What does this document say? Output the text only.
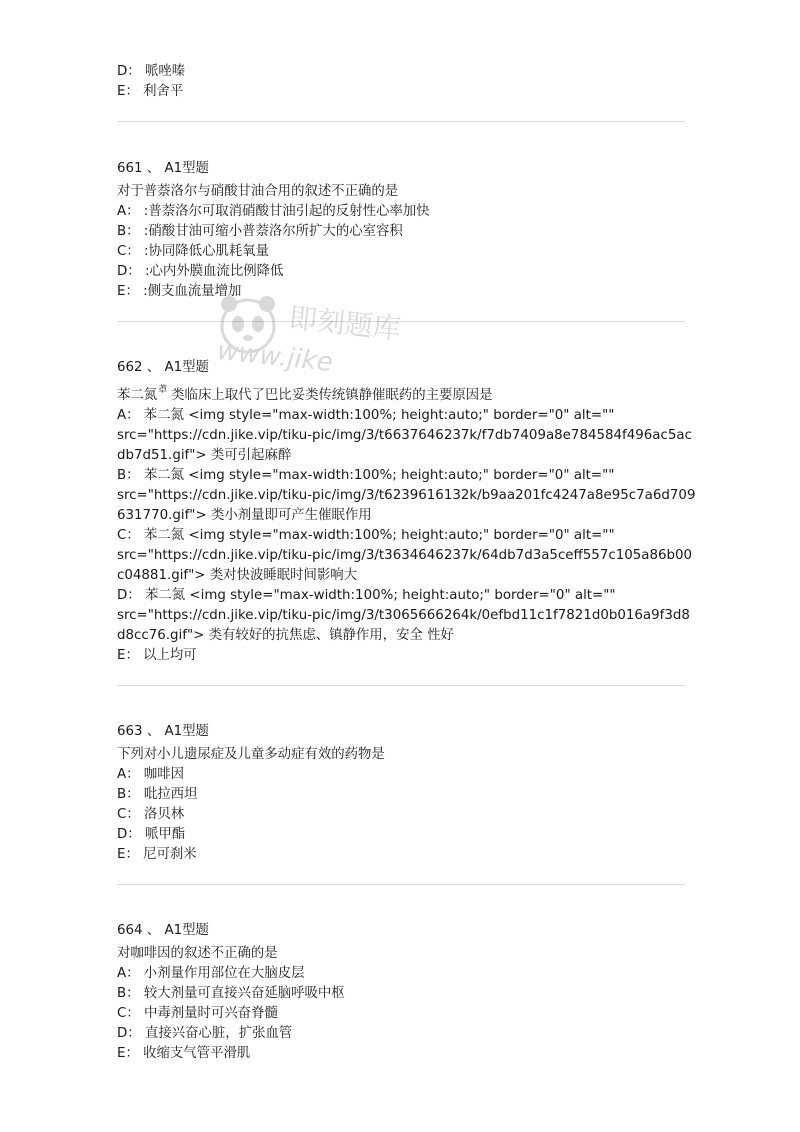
D： 哌唑嗪
E： 利舍平
661 、 A1型题
对于普萘洛尔与硝酸甘油合用的叙述不正确的是
A： :普萘洛尔可取消硝酸甘油引起的反射性心率加快
B： :硝酸甘油可缩小普萘洛尔所扩大的心室容积
C： :协同降低心肌耗氧量
D： :心内外膜血流比例降低
E： :侧支血流量增加
662 、 A1型题
苯二氮 䓬 类临床上取代了巴比妥类传统镇静催眠药的主要原因是
A： 苯二氮 <img style="max-width:100%; height:auto;" border="0" alt=""
src="https://cdn.jike.vip/tiku-pic/img/3/t6637646237k/f7db7409a8e784584f496ac5ac
db7d51.gif"> 类可引起麻醉
B： 苯二氮 <img style="max-width:100%; height:auto;" border="0" alt=""
src="https://cdn.jike.vip/tiku-pic/img/3/t6239616132k/b9aa201fc4247a8e95c7a6d709
631770.gif"> 类小剂量即可产生催眠作用
C： 苯二氮 <img style="max-width:100%; height:auto;" border="0" alt=""
src="https://cdn.jike.vip/tiku-pic/img/3/t3634646237k/64db7d3a5ceff557c105a86b00
c04881.gif"> 类对快波睡眠时间影响大
D： 苯二氮 <img style="max-width:100%; height:auto;" border="0" alt=""
src="https://cdn.jike.vip/tiku-pic/img/3/t3065666264k/0efbd11c1f7821d0b016a9f3d8
d8cc76.gif"> 类有较好的抗焦虑、镇静作用，安全 性好
E： 以上均可
663 、 A1型题
下列对小儿遗尿症及儿童多动症有效的药物是
A： 咖啡因
B： 吡拉西坦
C： 洛贝林
D： 哌甲酯
E： 尼可刹米
664 、 A1型题
对咖啡因的叙述不正确的是
A： 小剂量作用部位在大脑皮层
B： 较大剂量可直接兴奋延脑呼吸中枢
C： 中毒剂量时可兴奋脊髓
D： 直接兴奋心脏，扩张血管
E： 收缩支气管平滑肌
即刻题库
www.jike
